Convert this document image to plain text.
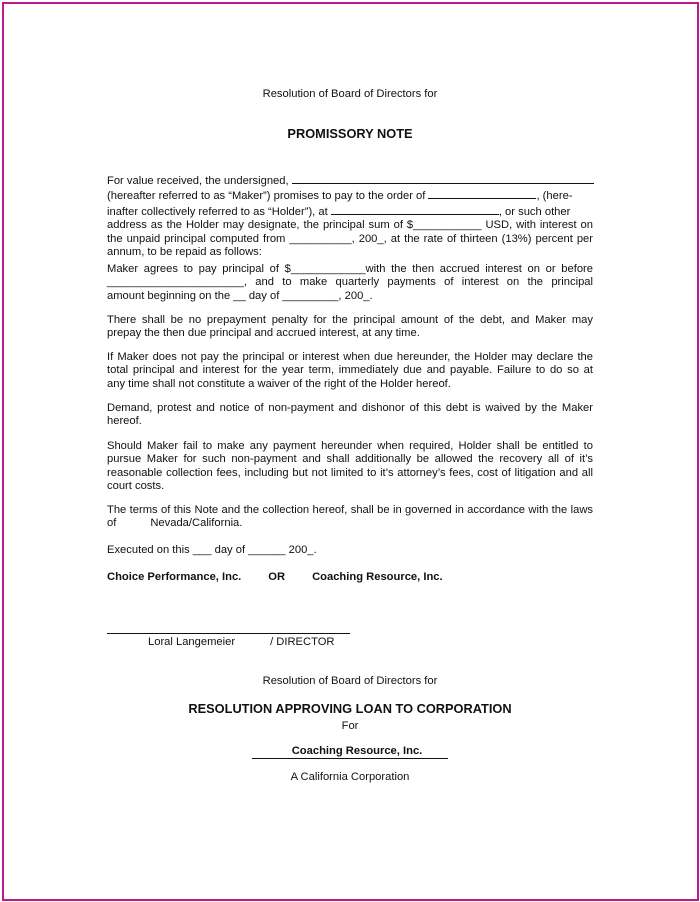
Resolution of Board of Directors for
PROMISSORY NOTE
For value received, the undersigned,
(hereafter referred to as “Maker”) promises to pay to the order of	, (here-
inafter collectively referred to as “Holder”), at	, or such other
address as the Holder may designate, the principal sum of $___________ USD, with interest on
the unpaid principal computed from __________, 200_, at the rate of thirteen (13%) percent per
annum, to be repaid as follows:
Maker agrees to pay principal of $____________with the then accrued interest on or before
______________________, and to make quarterly payments of interest on the principal
amount beginning on the __ day of _________, 200_.
There shall be no prepayment penalty for the principal amount of the debt, and Maker may
prepay the then due principal and accrued interest, at any time.
If Maker does not pay the principal or interest when due hereunder, the Holder may declare the
total principal and interest for the year term, immediately due and payable. Failure to do so at
any time shall not constitute a waiver of the right of the Holder hereof.
Demand, protest and notice of non-payment and dishonor of this debt is waived by the Maker
hereof.
Should Maker fail to make any payment hereunder when required, Holder shall be entitled to
pursue Maker for such non-payment and shall additionally be allowed the recovery all of it’s
reasonable collection fees, including but not limited to it’s attorney’s fees, cost of litigation and all
court costs.
The terms of this Note and the collection hereof, shall be in governed in accordance with the laws
of	Nevada/California.
Executed on this ___ day of ______ 200_.
Choice Performance, Inc. OR Coaching Resource, Inc.
Loral Langemeier	/ DIRECTOR
Resolution of Board of Directors for
RESOLUTION APPROVING LOAN TO CORPORATION
For
Coaching Resource, Inc.
A California Corporation
